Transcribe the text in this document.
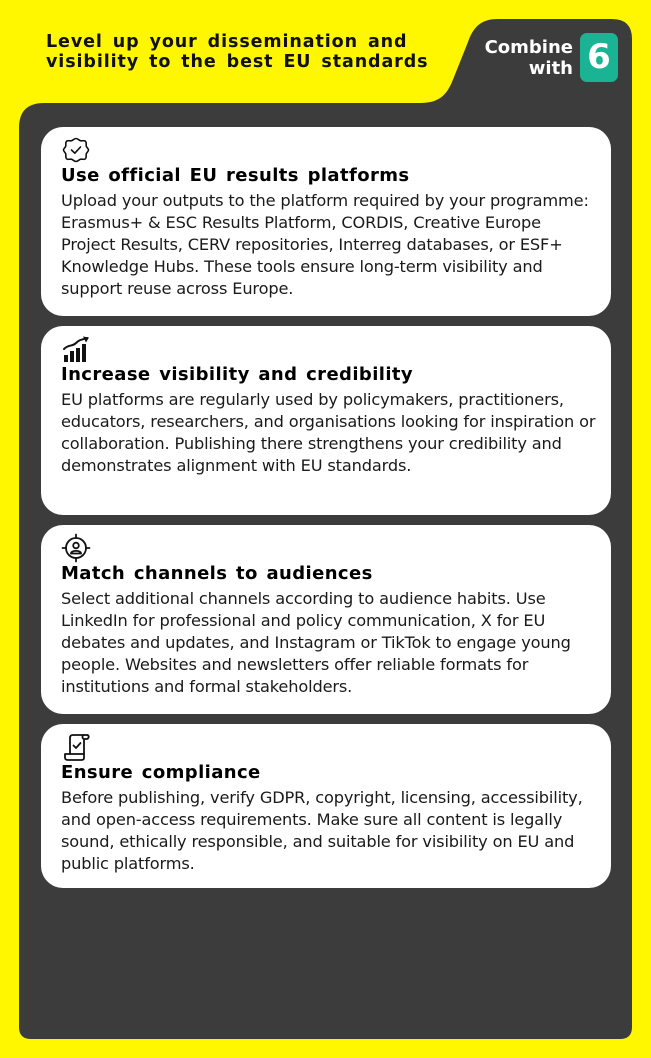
Level up your dissemination and
visibility to the best EU standards
Combine
with 6
Use official EU results platforms

Upload your outputs to the platform required by your programme: Erasmus+ & ESC Results Platform, CORDIS, Creative Europe Project Results, CERV repositories, Interreg databases, or ESF+ Knowledge Hubs. These tools ensure long-term visibility and support reuse across Europe.

Increase visibility and credibility

EU platforms are regularly used by policymakers, practitioners, educators, researchers, and organisations looking for inspiration or collaboration. Publishing there strengthens your credibility and demonstrates alignment with EU standards.

Match channels to audiences

Select additional channels according to audience habits. Use LinkedIn for professional and policy communication, X for EU debates and updates, and Instagram or TikTok to engage young people. Websites and newsletters offer reliable formats for institutions and formal stakeholders.

Ensure compliance

Before publishing, verify GDPR, copyright, licensing, accessibility, and open-access requirements. Make sure all content is legally sound, ethically responsible, and suitable for visibility on EU and public platforms.
